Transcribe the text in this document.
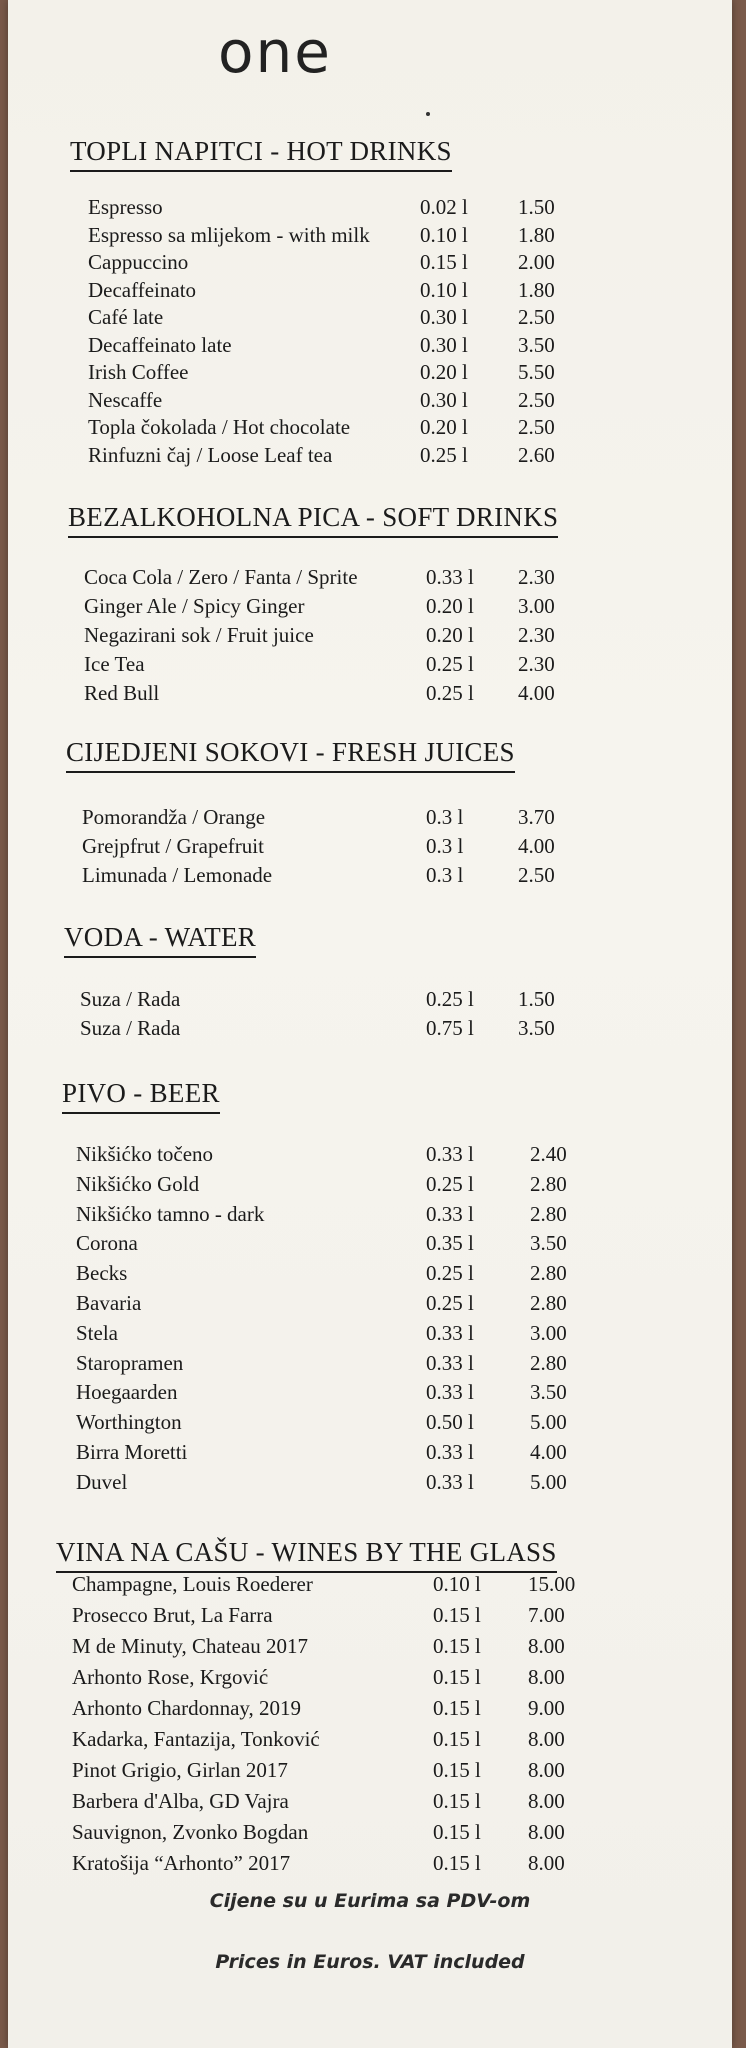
one
TOPLI NAPITCI - HOT DRINKS
Espresso	0.02 l 1.50
Espresso sa mlijekom - with milk 0.10 l 1.80
Cappuccino	0.15 l 2.00
Decaffeinato	0.10 l 1.80
Café late	0.30 l 2.50
Decaffeinato late	0.30 l 3.50
Irish Coffee	0.20 l 5.50
Nescaffe	0.30 l 2.50
Topla čokolada / Hot chocolate	0.20 l 2.50
Rinfuzni čaj / Loose Leaf tea	0.25 l 2.60
BEZALKOHOLNA PICA - SOFT DRINKS
Coca Cola / Zero / Fanta / Sprite	0.33 l 2.30
Ginger Ale / Spicy Ginger	0.20 l 3.00
Negazirani sok / Fruit juice	0.20 l 2.30
Ice Tea	0.25 l 2.30
Red Bull	0.25 l 4.00
CIJEDJENI SOKOVI - FRESH JUICES
Pomorandža / Orange	0.3 l	3.70
Grejpfrut / Grapefruit	0.3 l	4.00
Limunada / Lemonade	0.3 l	2.50
VODA - WATER
Suza / Rada	0.25 l 1.50
Suza / Rada	0.75 l 3.50
PIVO - BEER
Nikšićko točeno	0.33 l	2.40
Nikšićko Gold	0.25 l	2.80
Nikšićko tamno - dark	0.33 l	2.80
Corona	0.35 l	3.50
Becks	0.25 l	2.80
Bavaria	0.25 l	2.80
Stela	0.33 l	3.00
Staropramen	0.33 l	2.80
Hoegaarden	0.33 l	3.50
Worthington	0.50 l	5.00
Birra Moretti	0.33 l	4.00
Duvel	0.33 l	5.00
VINA NA CAŠU - WINES BY THE GLASS
Champagne, Louis Roederer	0.10 l 15.00
Prosecco Brut, La Farra	0.15 l 7.00
M de Minuty, Chateau 2017	0.15 l 8.00
Arhonto Rose, Krgović	0.15 l 8.00
Arhonto Chardonnay, 2019	0.15 l 9.00
Kadarka, Fantazija, Tonković	0.15 l 8.00
Pinot Grigio, Girlan 2017	0.15 l 8.00
Barbera d'Alba, GD Vajra	0.15 l 8.00
Sauvignon, Zvonko Bogdan	0.15 l 8.00
Kratošija “Arhonto” 2017	0.15 l 8.00
Cijene su u Eurima sa PDV-om
Prices in Euros. VAT included
